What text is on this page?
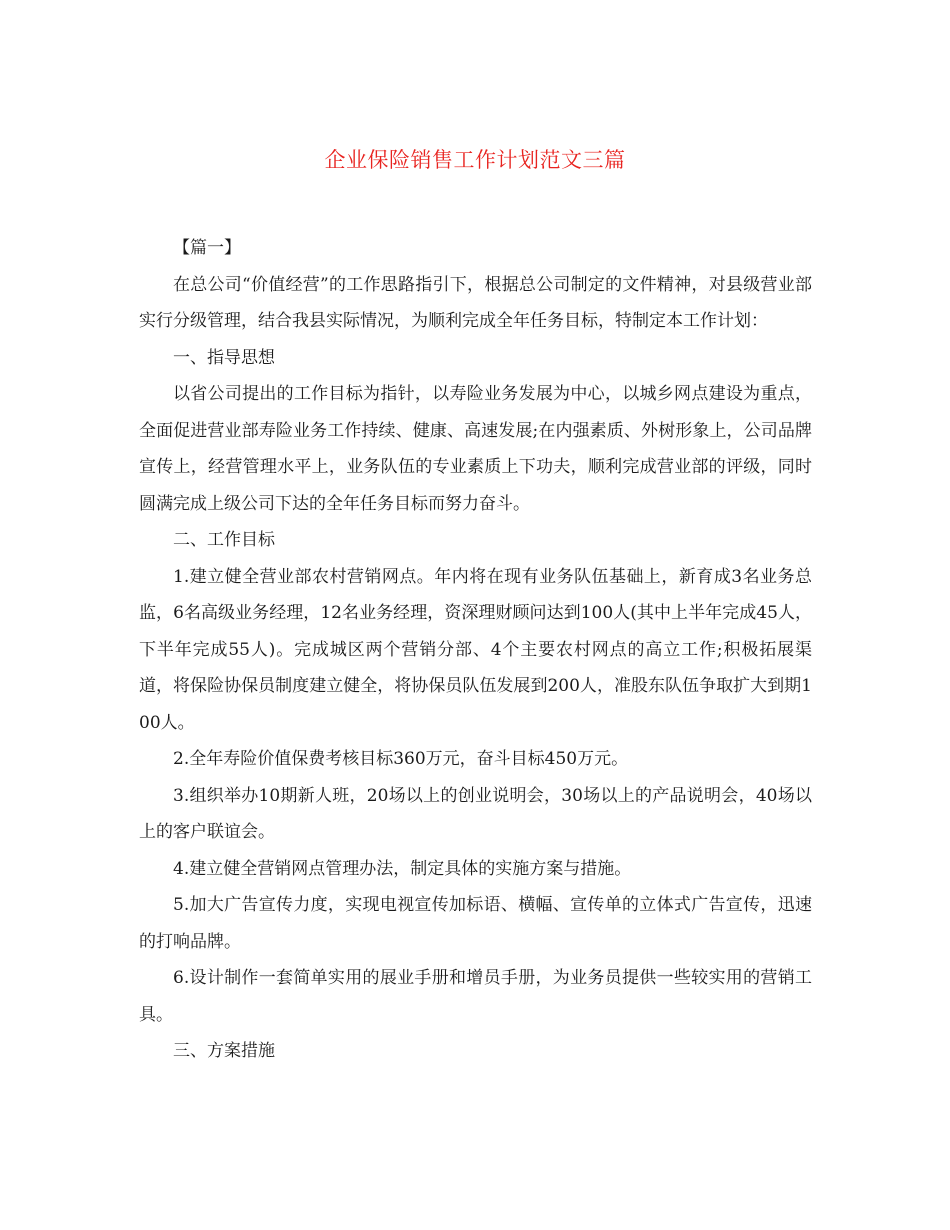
企业保险销售工作计划范文三篇

【篇一】

在总公司“价值经营”的工作思路指引下，根据总公司制定的文件精神，对县级营业部实行分级管理，结合我县实际情况，为顺利完成全年任务目标，特制定本工作计划：

一、指导思想

以省公司提出的工作目标为指针，以寿险业务发展为中心，以城乡网点建设为重点，全面促进营业部寿险业务工作持续、健康、高速发展;在内强素质、外树形象上，公司品牌宣传上，经营管理水平上，业务队伍的专业素质上下功夫，顺利完成营业部的评级，同时圆满完成上级公司下达的全年任务目标而努力奋斗。

二、工作目标

1.建立健全营业部农村营销网点。年内将在现有业务队伍基础上，新育成3名业务总监，6名高级业务经理，12名业务经理，资深理财顾问达到100人(其中上半年完成45人，下半年完成55人)。完成城区两个营销分部、4个主要农村网点的高立工作;积极拓展渠道，将保险协保员制度建立健全，将协保员队伍发展到200人，准股东队伍争取扩大到期100人。

2.全年寿险价值保费考核目标360万元，奋斗目标450万元。

3.组织举办10期新人班，20场以上的创业说明会，30场以上的产品说明会，40场以上的客户联谊会。

4.建立健全营销网点管理办法，制定具体的实施方案与措施。

5.加大广告宣传力度，实现电视宣传加标语、横幅、宣传单的立体式广告宣传，迅速的打响品牌。

6.设计制作一套简单实用的展业手册和增员手册，为业务员提供一些较实用的营销工具。

三、方案措施
